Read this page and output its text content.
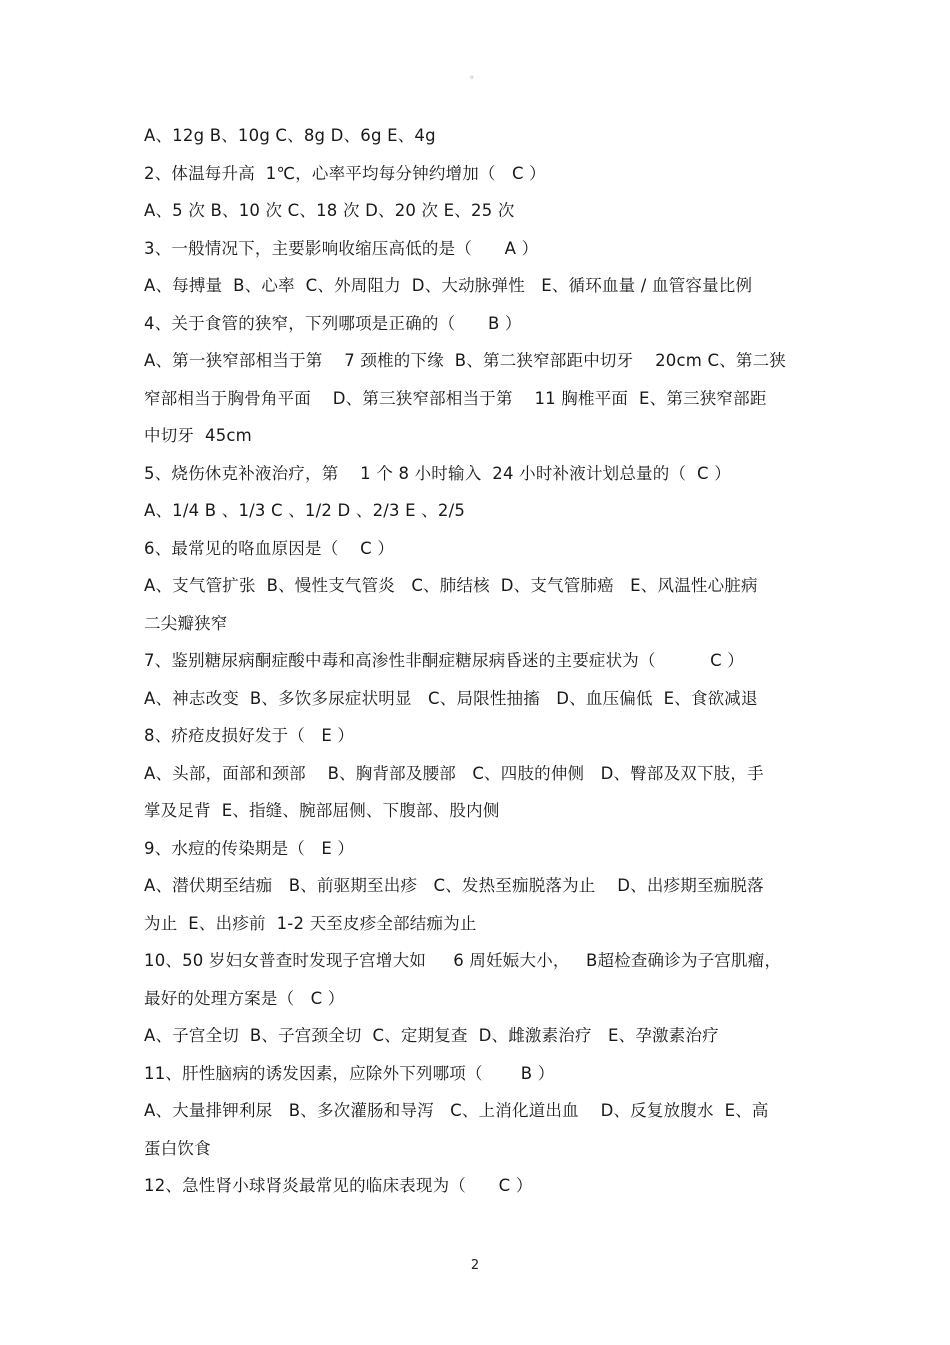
。
A、12g B、10g C、8g D、6g E、4g
2、体温每升高  1℃，心率平均每分钟约增加（   C ）
A、5 次 B、10 次 C、18 次 D、20 次 E、25 次
3、一般情况下，主要影响收缩压高低的是（      A ）
A、每搏量  B、心率  C、外周阻力  D、大动脉弹性   E、循环血量 / 血管容量比例
4、关于食管的狭窄，下列哪项是正确的（      B ）
A、第一狭窄部相当于第    7 颈椎的下缘  B、第二狭窄部距中切牙    20cm C、第二狭
窄部相当于胸骨角平面    D、第三狭窄部相当于第    11 胸椎平面  E、第三狭窄部距
中切牙  45cm
5、烧伤休克补液治疗，第    1 个 8 小时输入  24 小时补液计划总量的（  C ）
A、1/4 B 、1/3 C 、1/2 D 、2/3 E 、2/5
6、最常见的咯血原因是（    C ）
A、支气管扩张  B、慢性支气管炎   C、肺结核  D、支气管肺癌   E、风温性心脏病
二尖瓣狭窄
7、鉴别糖尿病酮症酸中毒和高渗性非酮症糖尿病昏迷的主要症状为（          C ）
A、神志改变  B、多饮多尿症状明显   C、局限性抽搐   D、血压偏低  E、食欲减退
8、疥疮皮损好发于（   E ）
A、头部，面部和颈部    B、胸背部及腰部   C、四肢的伸侧   D、臀部及双下肢，手
掌及足背  E、指缝、腕部屈侧、下腹部、股内侧
9、水痘的传染期是（   E ）
A、潜伏期至结痂   B、前驱期至出疹   C、发热至痂脱落为止    D、出疹期至痂脱落
为止  E、出疹前  1-2 天至皮疹全部结痂为止
10、50 岁妇女普查时发现子宫增大如     6 周妊娠大小，   B超检查确诊为子宫肌瘤，
最好的处理方案是（   C ）
A、子宫全切  B、子宫颈全切  C、定期复查  D、雌激素治疗   E、孕激素治疗
11、肝性脑病的诱发因素，应除外下列哪项（       B ）
A、大量排钾利尿   B、多次灌肠和导泻   C、上消化道出血    D、反复放腹水  E、高
蛋白饮食
12、急性肾小球肾炎最常见的临床表现为（      C ）
2
